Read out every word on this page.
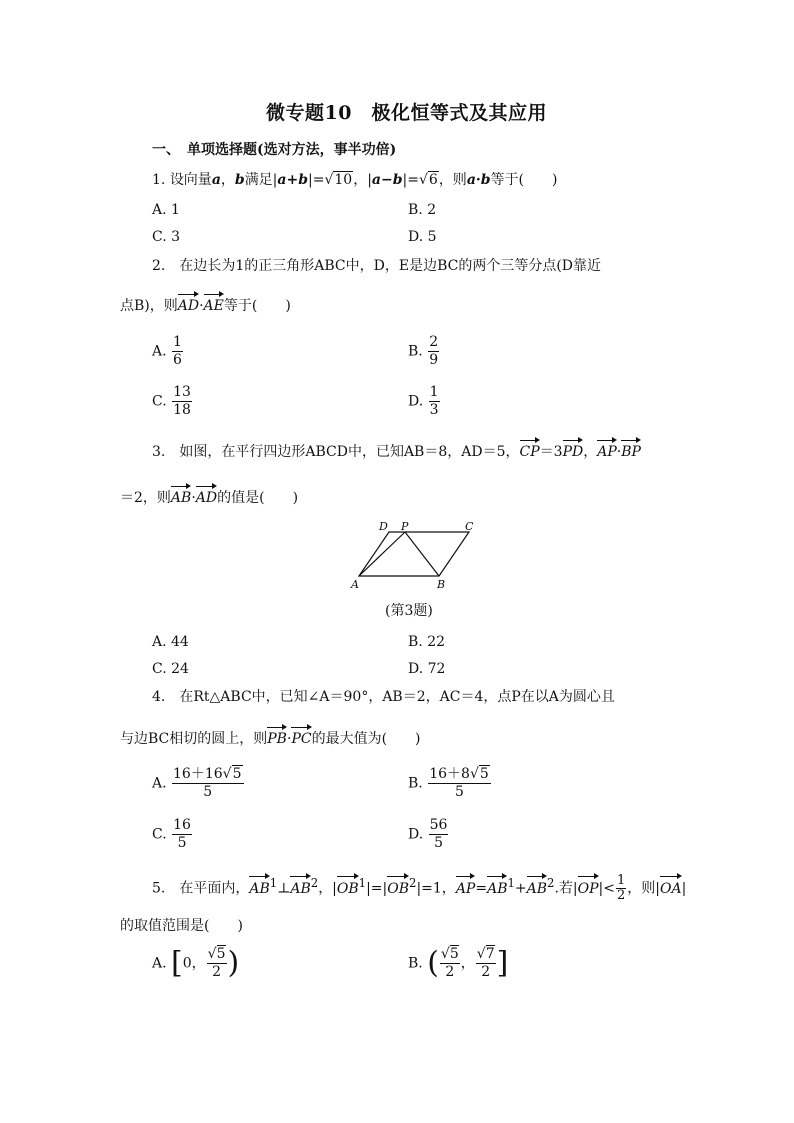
微专题10　极化恒等式及其应用
一、　单项选择题(选对方法，事半功倍)
1. 设向量a，b满足|a+b|=√10，|a−b|=√6，则a·b等于(　　)
A. 1	B. 2
C. 3	D. 5
2.　在边长为1的正三角形ABC中，D，E是边BC的两个三等分点(D靠近
点B)，则AD·AE等于(　　)
A. $\frac{1}{6}$	B. $\frac{2}{9}$
C. $\frac{13}{18}$	D. $\frac{1}{3}$
3.　如图，在平行四边形ABCD中，已知AB＝8，AD＝5，CP＝3PD，AP·BP
＝2，则AB·AD的值是(　　)
D P	C
A	B
(第3题)
A. 44	B. 22
C. 24	D. 72
4.　在Rt△ABC中，已知∠A＝90°，AB＝2，AC＝4，点P在以A为圆心且
与边BC相切的圆上，则PB·PC的最大值为(　　)
A. $\frac{16+16√5}{5}$	B. $\frac{16+8√5}{5}$
C. $\frac{16}{5}$	D. $\frac{56}{5}$
5.　在平面内，$AB^1\perp AB^2$，$|OB^1|=|OB^2|=1$，$AP=AB^1+AB^2$.若$|OP|< \frac{1}{2}$ ，则|OA|
的取值范围是(　　)
A. [0， $\frac{√5}{2}$ )	B. ( $\frac{√5}{2}$ ， $\frac{√7}{2}$ ]
